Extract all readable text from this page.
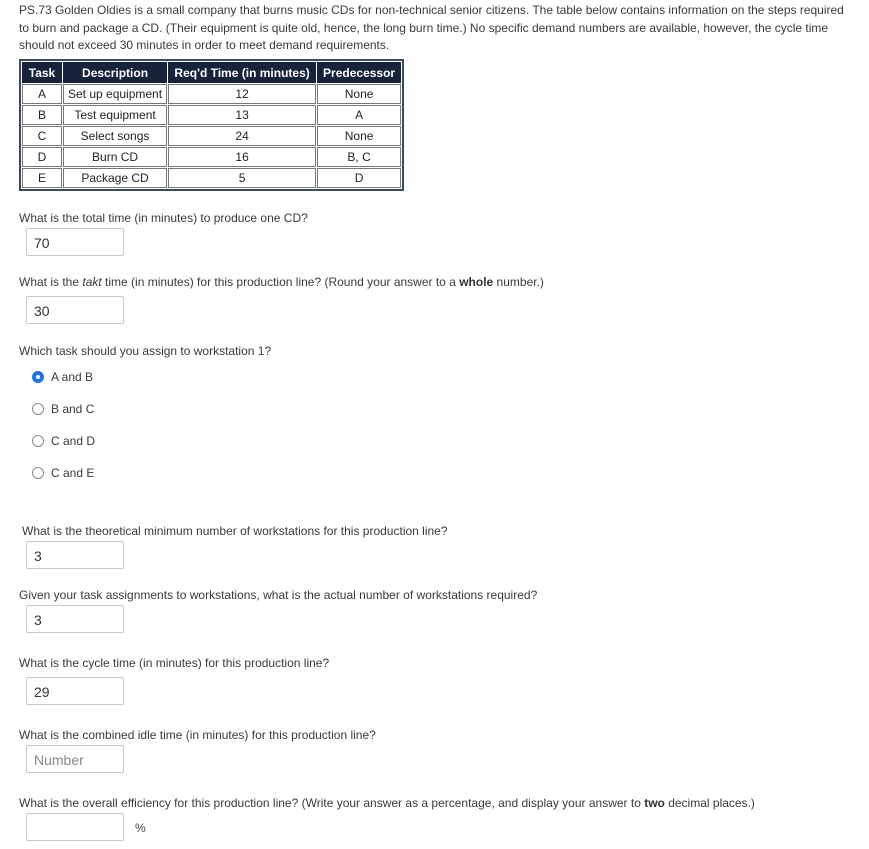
PS.73 Golden Oldies is a small company that burns music CDs for non-technical senior citizens. The table below contains information on the steps required to burn and package a CD. (Their equipment is quite old, hence, the long burn time.) No specific demand numbers are available, however, the cycle time should not exceed 30 minutes in order to meet demand requirements.
Task	Description	Req'd Time (in minutes)	Predecessor
A	Set up equipment	12	None
B	Test equipment	13	A
C	Select songs	24	None
D	Burn CD	16	B, C
E	Package CD	5	D
What is the total time (in minutes) to produce one CD?
70
What is the takt time (in minutes) for this production line? (Round your answer to a whole number.)
30
Which task should you assign to workstation 1?
A and B
B and C
C and D
C and E
What is the theoretical minimum number of workstations for this production line?
3
Given your task assignments to workstations, what is the actual number of workstations required?
3
What is the cycle time (in minutes) for this production line?
29
What is the combined idle time (in minutes) for this production line?
Number
What is the overall efficiency for this production line? (Write your answer as a percentage, and display your answer to two decimal places.)
%
